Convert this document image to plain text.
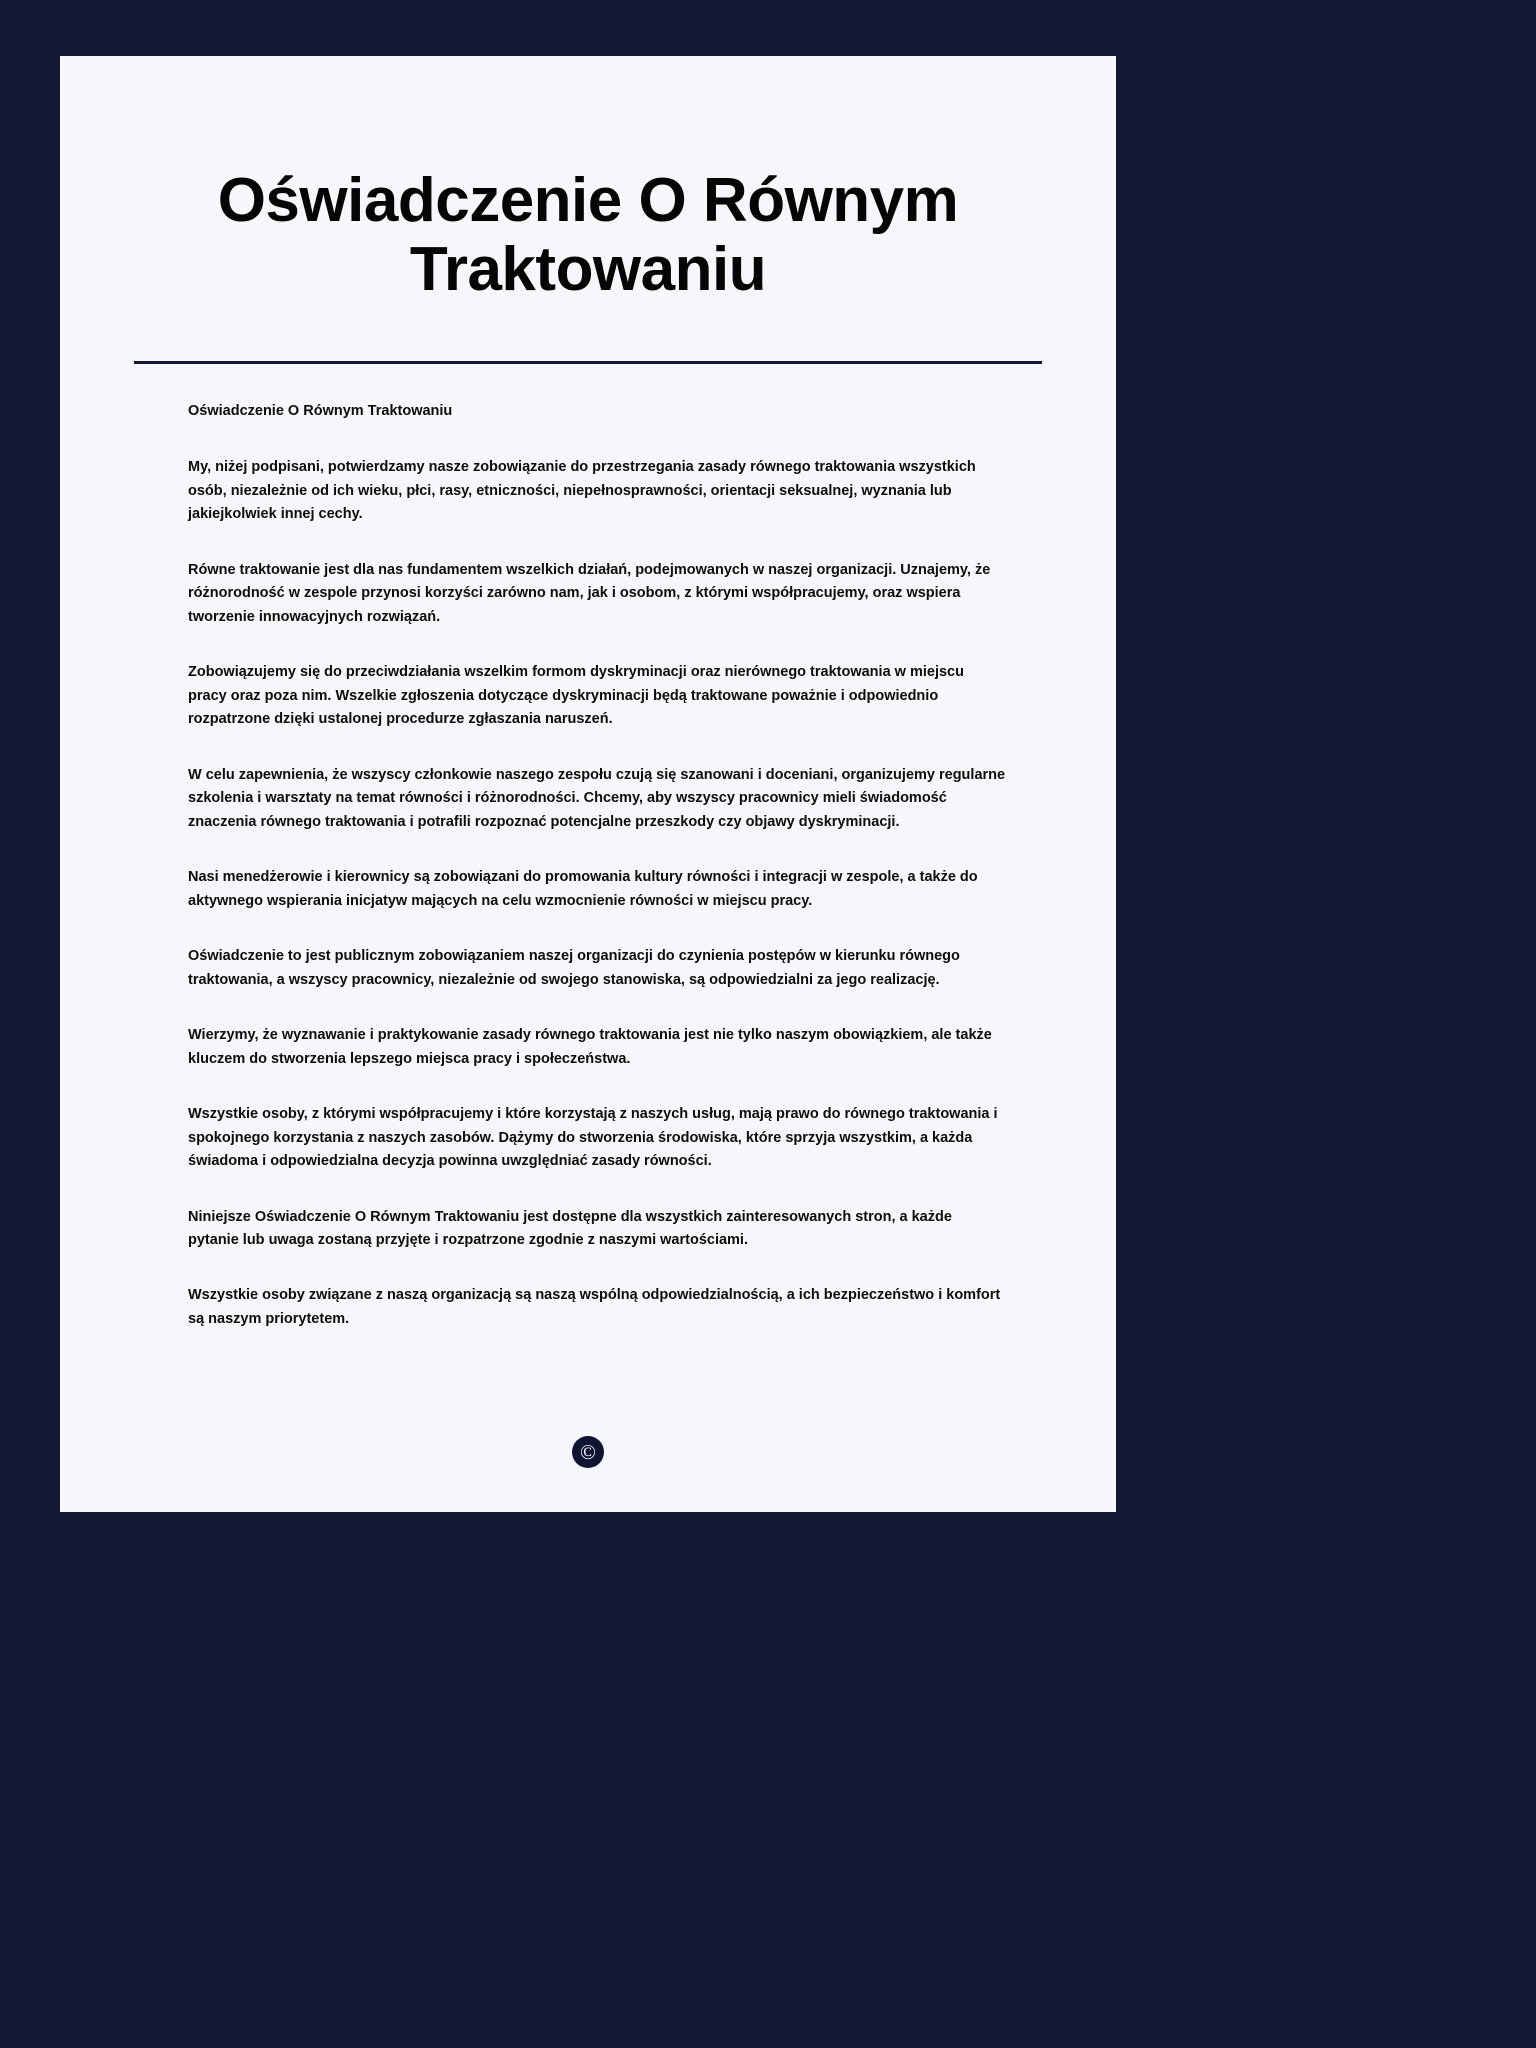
Oświadczenie O Równym Traktowaniu

Oświadczenie O Równym Traktowaniu

My, niżej podpisani, potwierdzamy nasze zobowiązanie do przestrzegania zasady równego traktowania wszystkich osób, niezależnie od ich wieku, płci, rasy, etniczności, niepełnosprawności, orientacji seksualnej, wyznania lub jakiejkolwiek innej cechy.

Równe traktowanie jest dla nas fundamentem wszelkich działań, podejmowanych w naszej organizacji. Uznajemy, że różnorodność w zespole przynosi korzyści zarówno nam, jak i osobom, z którymi współpracujemy, oraz wspiera tworzenie innowacyjnych rozwiązań.

Zobowiązujemy się do przeciwdziałania wszelkim formom dyskryminacji oraz nierównego traktowania w miejscu pracy oraz poza nim. Wszelkie zgłoszenia dotyczące dyskryminacji będą traktowane poważnie i odpowiednio rozpatrzone dzięki ustalonej procedurze zgłaszania naruszeń.

W celu zapewnienia, że wszyscy członkowie naszego zespołu czują się szanowani i doceniani, organizujemy regularne szkolenia i warsztaty na temat równości i różnorodności. Chcemy, aby wszyscy pracownicy mieli świadomość znaczenia równego traktowania i potrafili rozpoznać potencjalne przeszkody czy objawy dyskryminacji.

Nasi menedżerowie i kierownicy są zobowiązani do promowania kultury równości i integracji w zespole, a także do aktywnego wspierania inicjatyw mających na celu wzmocnienie równości w miejscu pracy.

Oświadczenie to jest publicznym zobowiązaniem naszej organizacji do czynienia postępów w kierunku równego traktowania, a wszyscy pracownicy, niezależnie od swojego stanowiska, są odpowiedzialni za jego realizację.

Wierzymy, że wyznawanie i praktykowanie zasady równego traktowania jest nie tylko naszym obowiązkiem, ale także kluczem do stworzenia lepszego miejsca pracy i społeczeństwa.

Wszystkie osoby, z którymi współpracujemy i które korzystają z naszych usług, mają prawo do równego traktowania i spokojnego korzystania z naszych zasobów. Dążymy do stworzenia środowiska, które sprzyja wszystkim, a każda świadoma i odpowiedzialna decyzja powinna uwzględniać zasady równości.

Niniejsze Oświadczenie O Równym Traktowaniu jest dostępne dla wszystkich zainteresowanych stron, a każde pytanie lub uwaga zostaną przyjęte i rozpatrzone zgodnie z naszymi wartościami.

Wszystkie osoby związane z naszą organizacją są naszą wspólną odpowiedzialnością, a ich bezpieczeństwo i komfort są naszym priorytetem.

©
